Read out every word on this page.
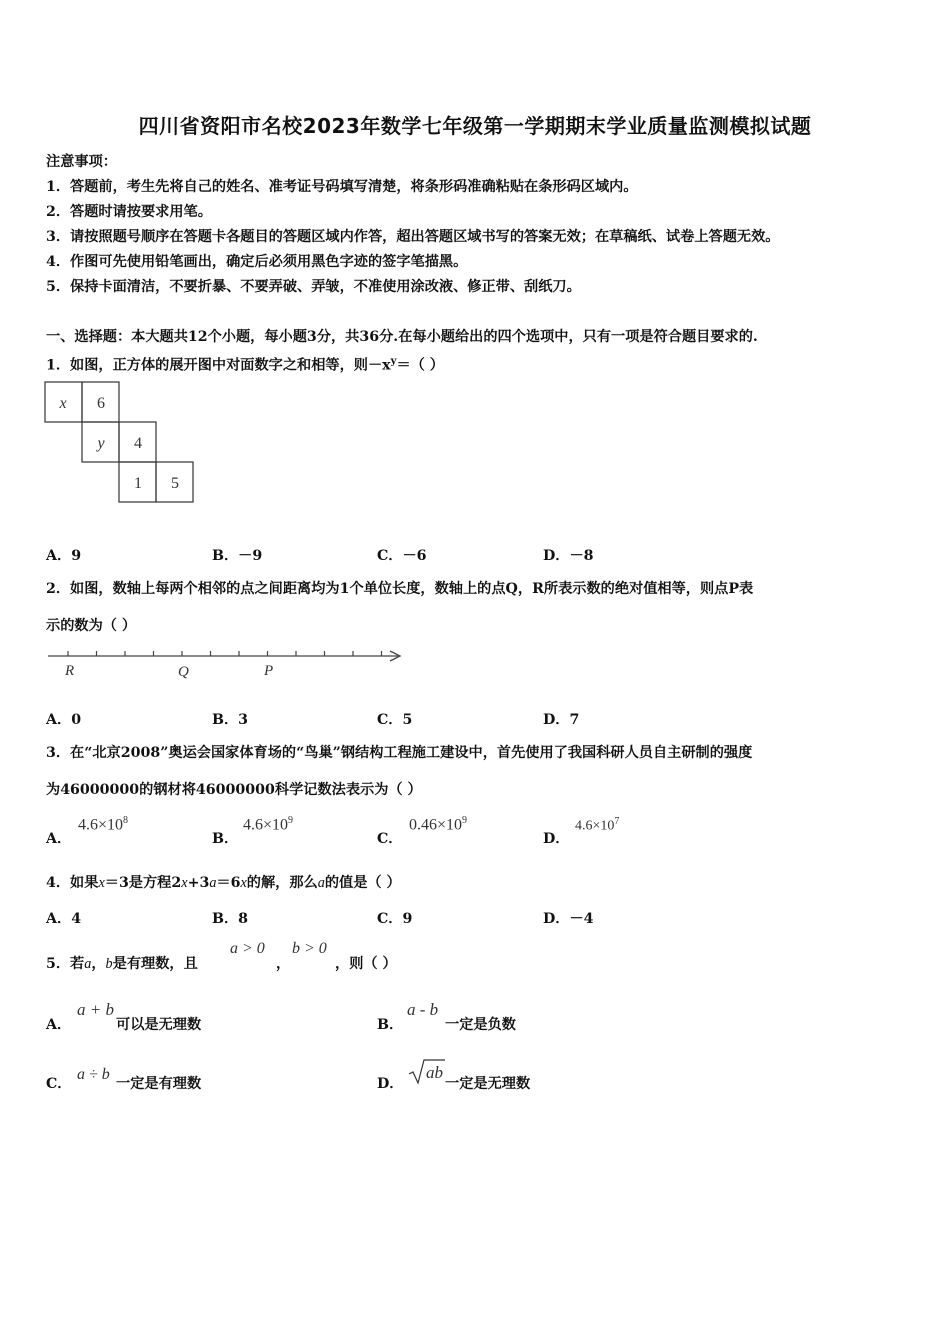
四川省资阳市名校2023年数学七年级第一学期期末学业质量监测模拟试题
注意事项：
1．答题前，考生先将自己的姓名、准考证号码填写清楚，将条形码准确粘贴在条形码区域内。
2．答题时请按要求用笔。
3．请按照题号顺序在答题卡各题目的答题区域内作答，超出答题区域书写的答案无效；在草稿纸、试卷上答题无效。
4．作图可先使用铅笔画出，确定后必须用黑色字迹的签字笔描黑。
5．保持卡面清洁，不要折暴、不要弄破、弄皱，不准使用涂改液、修正带、刮纸刀。
一、选择题：本大题共12个小题，每小题3分，共36分.在每小题给出的四个选项中，只有一项是符合题目要求的.
1．如图，正方体的展开图中对面数字之和相等，则$-x^y=$（ ）
x 6
y 4
1 5
A．9	B．－9	C．－6	D．－8
2．如图，数轴上每两个相邻的点之间距离均为1个单位长度，数轴上的点Q，R所表示数的绝对值相等，则点P表
示的数为（ ）
R	Q	P
A．0	B．3	C．5	D．7
3．在“北京2008”奥运会国家体育场的“鸟巢”钢结构工程施工建设中，首先使用了我国科研人员自主研制的强度
为46000000的钢材将46000000科学记数法表示为（ ）
A．
$4.6\times 10^8$
B．
$4.6\times 10^9$
C．
$0.46\times 10^9$
D．
$4.6\times 10^7$
4．如果x＝3是方程2x+3a＝6x的解，那么a的值是（ ）
A．4	B．8	C．9	D．－4
5．若a，b是有理数，且
a > 0
，
b > 0
，则（ ）
A．
a + b
可以是无理数	B．
a - b
一定是负数
C．
a ÷ b
一定是有理数	D．
ab
一定是无理数
